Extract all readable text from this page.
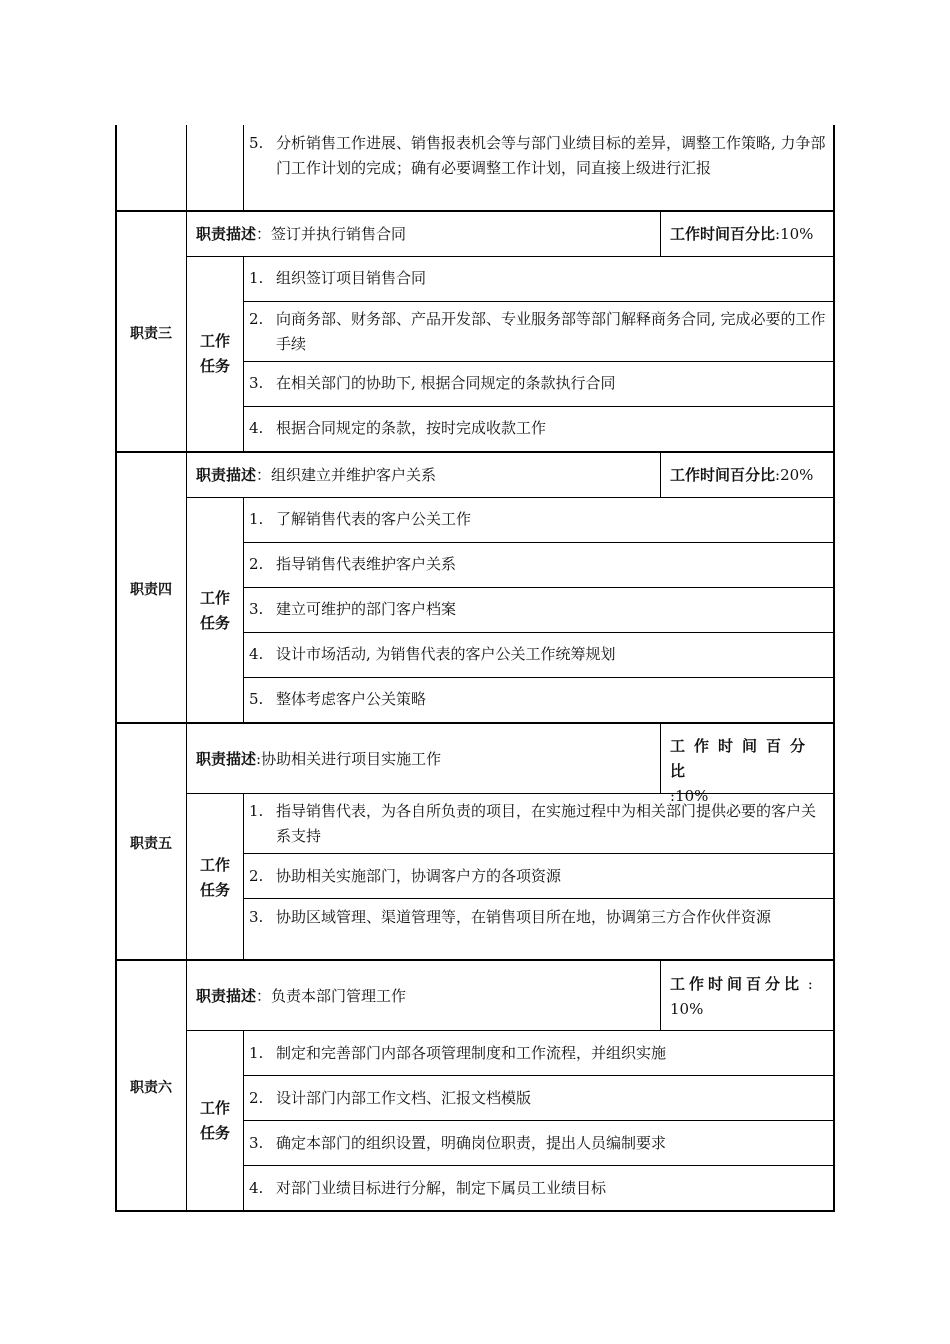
5. 分析销售工作进展、销售报表机会等与部门业绩目标的差异，调整工作策略, 力争部门工作计划的完成；确有必要调整工作计划，同直接上级进行汇报
职责三
职责描述：签订并执行销售合同	工作时间百分比:10%
工作
任务
1. 组织签订项目销售合同
2. 向商务部、财务部、产品开发部、专业服务部等部门解释商务合同, 完成必要的工作手续
3. 在相关部门的协助下, 根据合同规定的条款执行合同
4. 根据合同规定的条款，按时完成收款工作
职责四
职责描述：组织建立并维护客户关系	工作时间百分比:20%
工作
任务
1. 了解销售代表的客户公关工作
2. 指导销售代表维护客户关系
3. 建立可维护的部门客户档案
4. 设计市场活动, 为销售代表的客户公关工作统筹规划
5. 整体考虑客户公关策略
职责五
职责描述:协助相关进行项目实施工作
工作时间百分比
:10%
工作
任务
1. 指导销售代表，为各自所负责的项目，在实施过程中为相关部门提供必要的客户关系支持
2. 协助相关实施部门，协调客户方的各项资源
3. 协助区域管理、渠道管理等，在销售项目所在地，协调第三方合作伙伴资源
职责六
职责描述：负责本部门管理工作
工作时间百分比 :
10%
工作
任务
1. 制定和完善部门内部各项管理制度和工作流程，并组织实施
2. 设计部门内部工作文档、汇报文档模版
3. 确定本部门的组织设置，明确岗位职责，提出人员编制要求
4. 对部门业绩目标进行分解，制定下属员工业绩目标
